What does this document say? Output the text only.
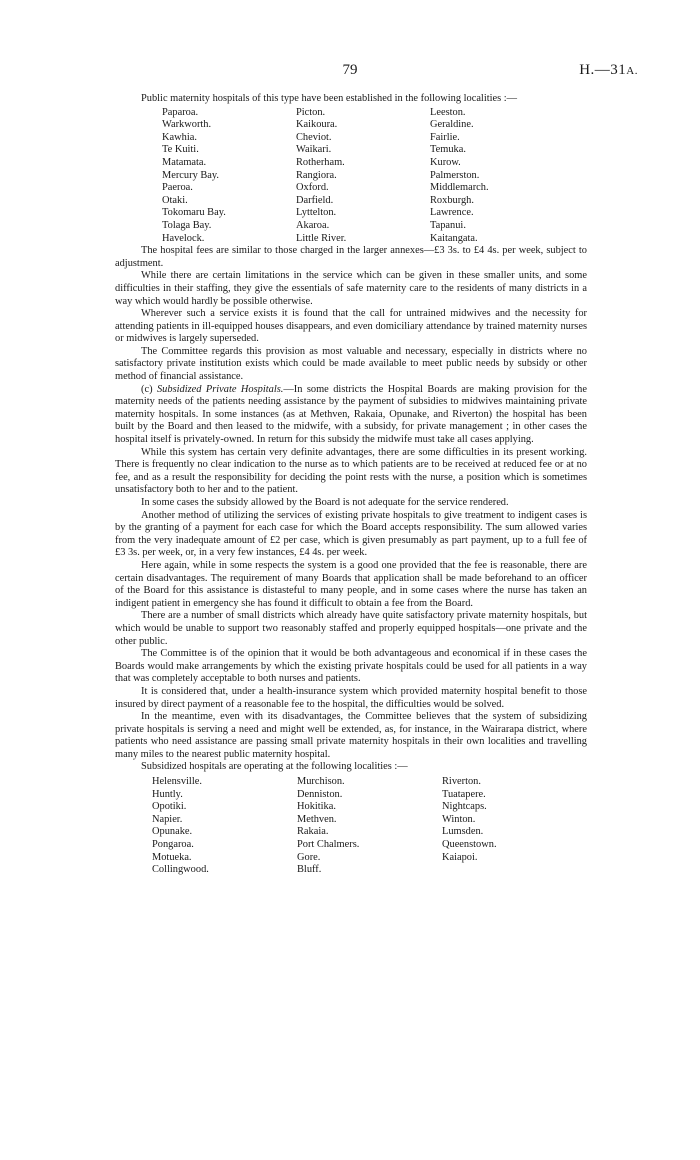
79	H.—31A.

Public maternity hospitals of this type have been established in the following localities :—

Paparoa.
Warkworth.
Kawhia.
Te Kuiti.
Matamata.
Mercury Bay.
Paeroa.
Otaki.
Tokomaru Bay.
Tolaga Bay.
Havelock.
Picton.
Kaikoura.
Cheviot.
Waikari.
Rotherham.
Rangiora.
Oxford.
Darfield.
Lyttelton.
Akaroa.
Little River.
Leeston.
Geraldine.
Fairlie.
Temuka.
Kurow.
Palmerston.
Middlemarch.
Roxburgh.
Lawrence.
Tapanui.
Kaitangata.

The hospital fees are similar to those charged in the larger annexes—£3 3s. to £4 4s. per week, subject to adjustment.

While there are certain limitations in the service which can be given in these smaller units, and some difficulties in their staffing, they give the essentials of safe maternity care to the residents of many districts in a way which would hardly be possible otherwise.

Wherever such a service exists it is found that the call for untrained midwives and the necessity for attending patients in ill-equipped houses disappears, and even domiciliary attendance by trained maternity nurses or midwives is largely superseded.

The Committee regards this provision as most valuable and necessary, especially in districts where no satisfactory private institution exists which could be made available to meet public needs by subsidy or other method of financial assistance.

(c) Subsidized Private Hospitals.—In some districts the Hospital Boards are making provision for the maternity needs of the patients needing assistance by the payment of subsidies to midwives maintaining private maternity hospitals. In some instances (as at Methven, Rakaia, Opunake, and Riverton) the hospital has been built by the Board and then leased to the midwife, with a subsidy, for private management ; in other cases the hospital itself is privately-owned. In return for this subsidy the midwife must take all cases applying.

While this system has certain very definite advantages, there are some difficulties in its present working. There is frequently no clear indication to the nurse as to which patients are to be received at reduced fee or at no fee, and as a result the responsibility for deciding the point rests with the nurse, a position which is sometimes unsatisfactory both to her and to the patient.

In some cases the subsidy allowed by the Board is not adequate for the service rendered.

Another method of utilizing the services of existing private hospitals to give treatment to indigent cases is by the granting of a payment for each case for which the Board accepts responsibility. The sum allowed varies from the very inadequate amount of £2 per case, which is given presumably as part payment, up to a full fee of £3 3s. per week, or, in a very few instances, £4 4s. per week.

Here again, while in some respects the system is a good one provided that the fee is reasonable, there are certain disadvantages. The requirement of many Boards that application shall be made beforehand to an officer of the Board for this assistance is distasteful to many people, and in some cases where the nurse has taken an indigent patient in emergency she has found it difficult to obtain a fee from the Board.

There are a number of small districts which already have quite satisfactory private maternity hospitals, but which would be unable to support two reasonably staffed and properly equipped hospitals—one private and the other public.

The Committee is of the opinion that it would be both advantageous and economical if in these cases the Boards would make arrangements by which the existing private hospitals could be used for all patients in a way that was completely acceptable to both nurses and patients.

It is considered that, under a health-insurance system which provided maternity hospital benefit to those insured by direct payment of a reasonable fee to the hospital, the difficulties would be solved.

In the meantime, even with its disadvantages, the Committee believes that the system of subsidizing private hospitals is serving a need and might well be extended, as, for instance, in the Wairarapa district, where patients who need assistance are passing small private maternity hospitals in their own localities and travelling many miles to the nearest public maternity hospital.

Subsidized hospitals are operating at the following localities :—

Helensville.
Huntly.
Opotiki.
Napier.
Opunake.
Pongaroa.
Motueka.
Collingwood.
Murchison.
Denniston.
Hokitika.
Methven.
Rakaia.
Port Chalmers.
Gore.
Bluff.
Riverton.
Tuatapere.
Nightcaps.
Winton.
Lumsden.
Queenstown.
Kaiapoi.
